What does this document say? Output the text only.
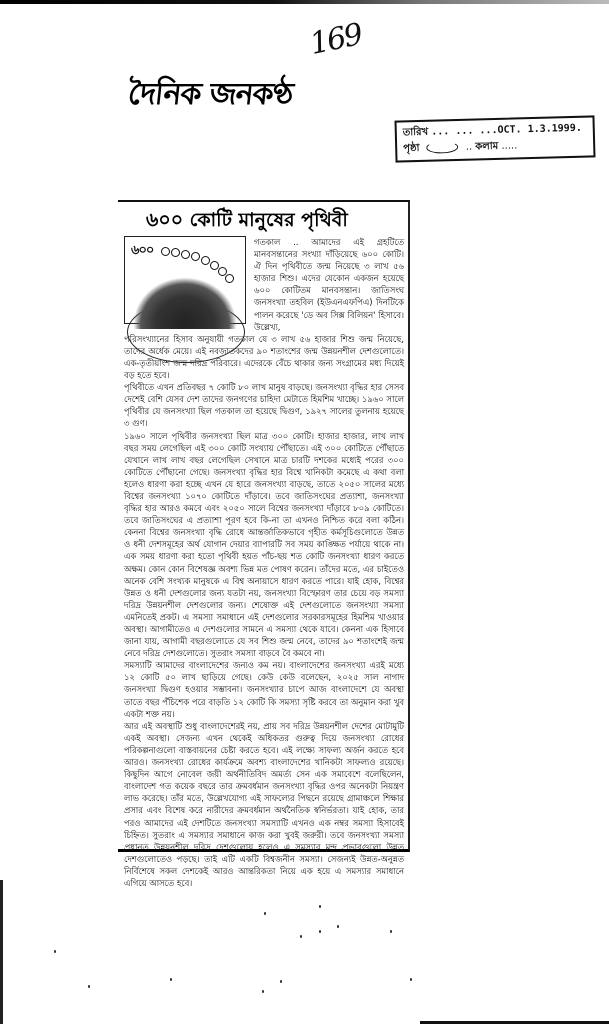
169
দৈনিক জনকণ্ঠ
তারিখ ... ... ...OCT. 1.3.1999.
পৃষ্ঠা	.. কলাম .....
৬০০ কোটি মানুষের পৃথিবী
৬০০
গতকাল .. আমাদের এই গ্রহটিতে মানবসন্তানের সংখ্যা দাঁড়িয়েছে ৬০০ কোটি। ঐ দিন পৃথিবীতে জন্ম নিয়েছে ৩ লাখ ৫৬ হাজার শিশু। এদের যেকোন একজন হয়েছে ৬০০ কোটিতম মানবসন্তান। জাতিসংঘ জনসংখ্যা তহবিল (ইউএনএফপিএ) দিনটিকে পালন করেছে 'ডে অব সিক্স বিলিয়ন' হিসাবে। উল্লেখ্য,

পরিসংখ্যানের হিসাব অনুযায়ী গতকাল যে ৩ লাখ ৫৬ হাজার শিশু জন্ম নিয়েছে, তাদের অর্ধেক মেয়ে। এই নবজাতকদের ৯০ শতাংশের জন্ম উন্নয়নশীল দেশগুলোতে। এক-তৃতীয়াংশ জন্ম দরিদ্র পরিবারে। এদেরকে বেঁচে থাকার জন্য সংগ্রামের মধ্য দিয়েই বড় হতে হবে।

পৃথিবীতে এখন প্রতিবছর ৭ কোটি ৮০ লাখ মানুষ বাড়ছে। জনসংখ্যা বৃদ্ধির হার সেসব দেশেই বেশি যেসব দেশ তাদের জনগণের চাহিদা মেটাতে হিমশিম খাচ্ছে। ১৯৬০ সালে পৃথিবীর যে জনসংখ্যা ছিল গতকাল তা হয়েছে দ্বিগুণ, ১৯২৭ সালের তুলনায় হয়েছে ৩ গুণ।

১৯৬০ সালে পৃথিবীর জনসংখ্যা ছিল মাত্র ৩০০ কোটি। হাজার হাজার, লাখ লাখ বছর সময় লেগেছিল এই ৩০০ কোটি সংখ্যায় পৌঁছাতে। এই ৩০০ কোটিতে পৌঁছাতে যেখানে লাখ লাখ বছর লেগেছিল সেখানে মাত্র চারটি দশকের মধ্যেই পরের ৩০০ কোটিতে পৌঁছানো গেছে। জনসংখ্যা বৃদ্ধির হার বিশ্বে খানিকটা কমেছে এ কথা বলা হলেও ধারণা করা হচ্ছে এখন যে হারে জনসংখ্যা বাড়ছে, তাতে ২০৫০ সালের মধ্যে বিশ্বের জনসংখ্যা ১০৭০ কোটিতে দাঁড়াবে। তবে জাতিসংঘের প্রত্যাশা, জনসংখ্যা বৃদ্ধির হার আরও কমবে এবং ২০৫০ সালে বিশ্বের জনসংখ্যা দাঁড়াবে ৮০৯ কোটিতে। তবে জাতিসংঘের এ প্রত্যাশা পূরণ হবে কি-না তা এখনও নিশ্চিত করে বলা কঠিন। কেননা বিশ্বের জনসংখ্যা বৃদ্ধি রোধে আন্তর্জাতিকভাবে গৃহীত কর্মসূচিগুলোতে উন্নত ও ধনী দেশসমূহের অর্থ যোগান দেয়ার ব্যাপারটি সব সময় কাঙ্ক্ষিত পর্যায়ে থাকে না। এক সময় ধারণা করা হতো পৃথিবী হয়ত পাঁচ-ছয় শত কোটি জনসংখ্যা ধারণ করতে অক্ষম। কোন কোন বিশেষজ্ঞ অবশ্য ভিন্ন মত পোষণ করেন। তাঁদের মতে, এর চাইতেও অনেক বেশি সংখ্যক মানুষকে এ বিশ্ব অনায়াসে ধারণ করতে পারে। যাই হোক, বিশ্বের উন্নত ও ধনী দেশগুলোর জন্য যতটা নয়, জনসংখ্যা বিস্ফোরণ তার চেয়ে বড় সমস্যা দরিদ্র উন্নয়নশীল দেশগুলোর জন্য। শেষোক্ত এই দেশগুলোতে জনসংখ্যা সমস্যা এমনিতেই প্রকট। এ সমস্যা সমাধানে এই দেশগুলোর সরকারসমূহের হিমশিম খাওয়ার অবস্থা। আগামীতেও এ দেশগুলোর সামনে এ সমস্যা থেকে যাবে। কেননা এক হিসাবে জানা যায়, আগামী বছরগুলোতে যে সব শিশু জন্ম নেবে, তাদের ৯০ শতাংশেই জন্ম নেবে দরিদ্র দেশগুলোতে। সুতরাং সমস্যা বাড়বে বৈ কমবে না।

সমস্যাটি আমাদের বাংলাদেশের জন্যও কম নয়। বাংলাদেশের জনসংখ্যা এরই মধ্যে ১২ কোটি ৫০ লাখ ছাড়িয়ে গেছে। কেউ কেউ বলেছেন, ২০২৫ সাল নাগাদ জনসংখ্যা দ্বিগুণ হওয়ার সম্ভাবনা। জনসংখ্যার চাপে আজ বাংলাদেশে যে অবস্থা তাতে বছর পঁচিশেক পরে বাড়তি ১২ কোটি কি সমস্যা সৃষ্টি করবে তা অনুমান করা খুব একটা শক্ত নয়।

আর এই অবস্থাটি শুধু বাংলাদেশেরই নয়, প্রায় সব দরিদ্র উন্নয়নশীল দেশের মোটামুটি একই অবস্থা। সেজন্য এখন থেকেই অধিকতর গুরুত্ব দিয়ে জনসংখ্যা রোধের পরিকল্পনাগুলো বাস্তবায়নের চেষ্টা করতে হবে। এই লক্ষ্যে সাফল্য অর্জন করতে হবে আরও। জনসংখ্যা রোধের কার্যক্রমে অবশ্য বাংলাদেশের খানিকটা সাফল্যও রয়েছে। কিছুদিন আগে নোবেল জয়ী অর্থনীতিবিদ অমর্ত্য সেন এক সমাবেশে বলেছিলেন, বাংলাদেশ গত কয়েক বছরে তার ক্রমবর্ধমান জনসংখ্যা বৃদ্ধির ওপর অনেকটা নিয়ন্ত্রণ লাভ করেছে। তাঁর মতে, উল্লেখযোগ্য এই সাফল্যের পিছনে রয়েছে গ্রামাঞ্চলে শিক্ষার প্রসার এবং বিশেষ করে নারীদের ক্রমবর্ধমান অর্থনৈতিক স্বনির্ভরতা। যাই হোক, তার পরও আমাদের এই দেশটিতে জনসংখ্যা সমস্যাটি এখনও এক নম্বর সমস্যা হিসাবেই চিহ্নিত। সুতরাং এ সমস্যার সমাধানে কাজ করা খুবই জরুরী। তবে জনসংখ্যা সমস্যা প্রধানত উন্নয়নশীল দরিদ্র দেশগুলোয় হলেও এ সমস্যার মন্দ প্রভাবগুলো উন্নত দেশগুলোতেও পড়ছে। তাই এটি একটি বিশ্বজনীন সমস্যা। সেজন্যই উন্নত-অনুন্নত নির্বিশেষে সকল দেশকেই আরও আন্তরিকতা নিয়ে এক হয়ে এ সমস্যার সমাধানে এগিয়ে আসতে হবে।
